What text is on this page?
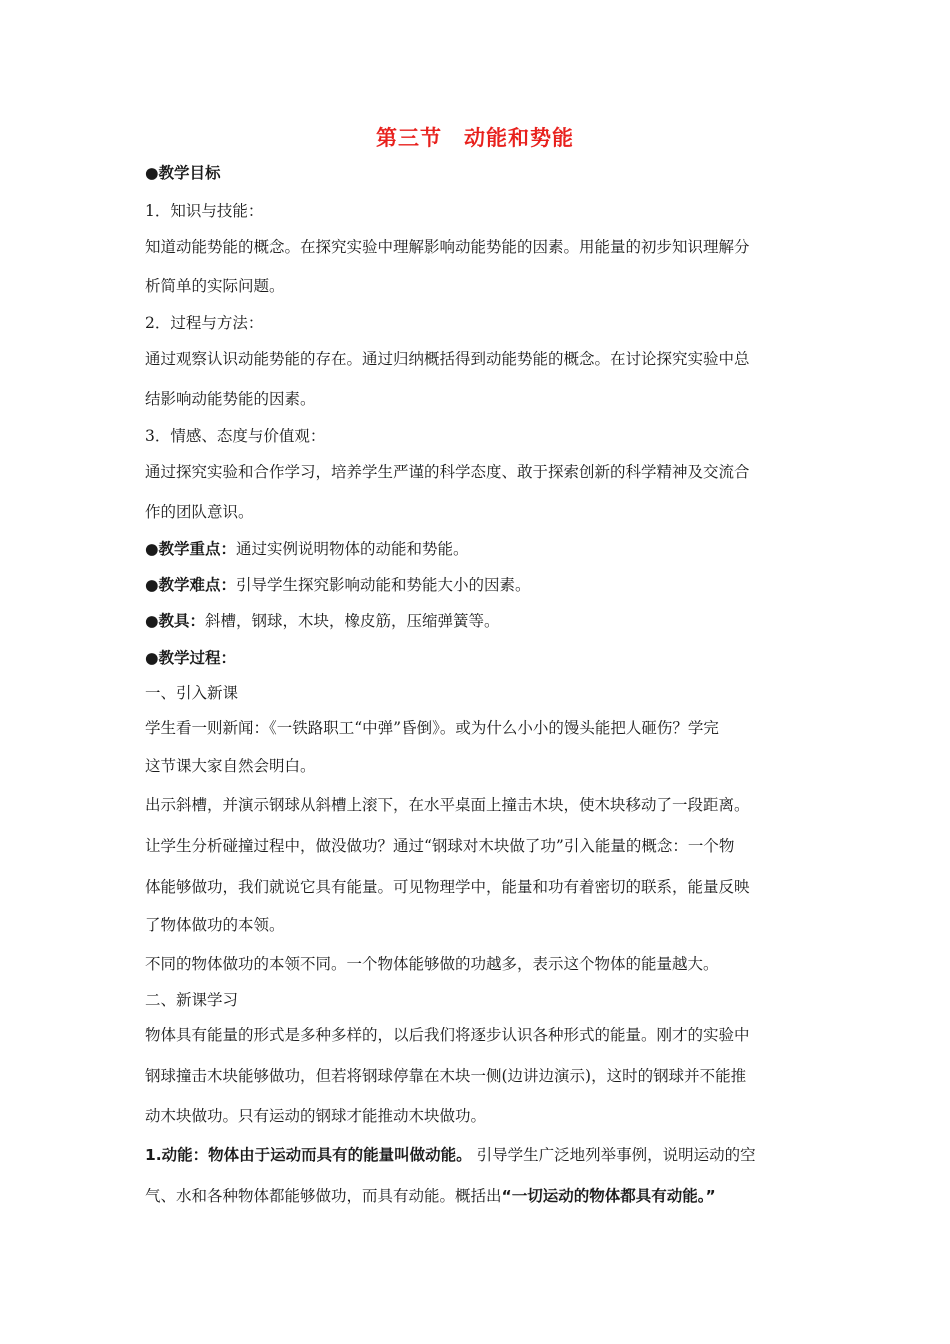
第三节　动能和势能
●教学目标
1．知识与技能：
知道动能势能的概念。在探究实验中理解影响动能势能的因素。用能量的初步知识理解分
析简单的实际问题。
2．过程与方法：
通过观察认识动能势能的存在。通过归纳概括得到动能势能的概念。在讨论探究实验中总
结影响动能势能的因素。
3．情感、态度与价值观：
通过探究实验和合作学习，培养学生严谨的科学态度、敢于探索创新的科学精神及交流合
作的团队意识。
●教学重点：通过实例说明物体的动能和势能。
●教学难点：引导学生探究影响动能和势能大小的因素。
●教具：斜槽，钢球，木块，橡皮筋，压缩弹簧等。
●教学过程：
一、引入新课
学生看一则新闻：《一铁路职工“中弹”昏倒》。或为什么小小的馒头能把人砸伤？学完
这节课大家自然会明白。
出示斜槽，并演示钢球从斜槽上滚下，在水平桌面上撞击木块，使木块移动了一段距离。
让学生分析碰撞过程中，做没做功？通过“钢球对木块做了功”引入能量的概念：一个物
体能够做功，我们就说它具有能量。可见物理学中，能量和功有着密切的联系，能量反映
了物体做功的本领。
不同的物体做功的本领不同。一个物体能够做的功越多，表示这个物体的能量越大。
二、新课学习
物体具有能量的形式是多种多样的，以后我们将逐步认识各种形式的能量。刚才的实验中
钢球撞击木块能够做功，但若将钢球停靠在木块一侧(边讲边演示)，这时的钢球并不能推
动木块做功。只有运动的钢球才能推动木块做功。
1.动能：物体由于运动而具有的能量叫做动能。 引导学生广泛地列举事例，说明运动的空
气、水和各种物体都能够做功，而具有动能。概括出“一切运动的物体都具有动能。”
